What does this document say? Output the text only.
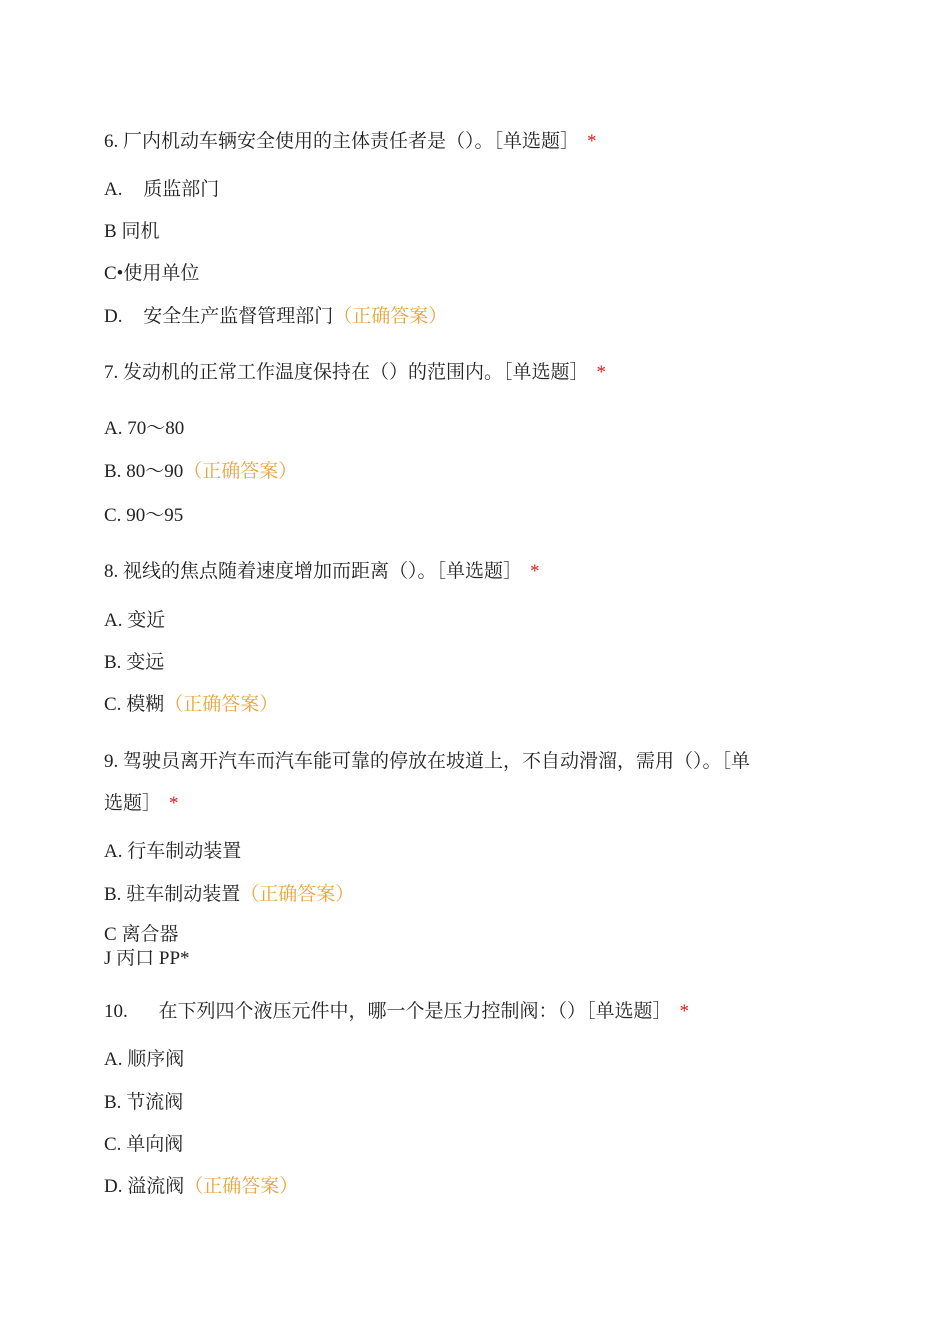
6. 厂内机动车辆安全使用的主体责任者是（）。［单选题］ *
A. 质监部门
B 同机
C•使用单位
D. 安全生产监督管理部门（正确答案）
7. 发动机的正常工作温度保持在（）的范围内。［单选题］ *
A. 70〜80
B. 80〜90（正确答案）
C. 90〜95
8. 视线的焦点随着速度增加而距离（）。［单选题］ *
A. 变近
B. 变远
C. 模糊（正确答案）
9. 驾驶员离开汽车而汽车能可靠的停放在坡道上，不自动滑溜，需用（）。［单
选题］ *
A. 行车制动装置
B. 驻车制动装置（正确答案）
C 离合器
J 丙口 PP*
10. 在下列四个液压元件中，哪一个是压力控制阀：（）［单选题］ *
A. 顺序阀
B. 节流阀
C. 单向阀
D. 溢流阀（正确答案）
